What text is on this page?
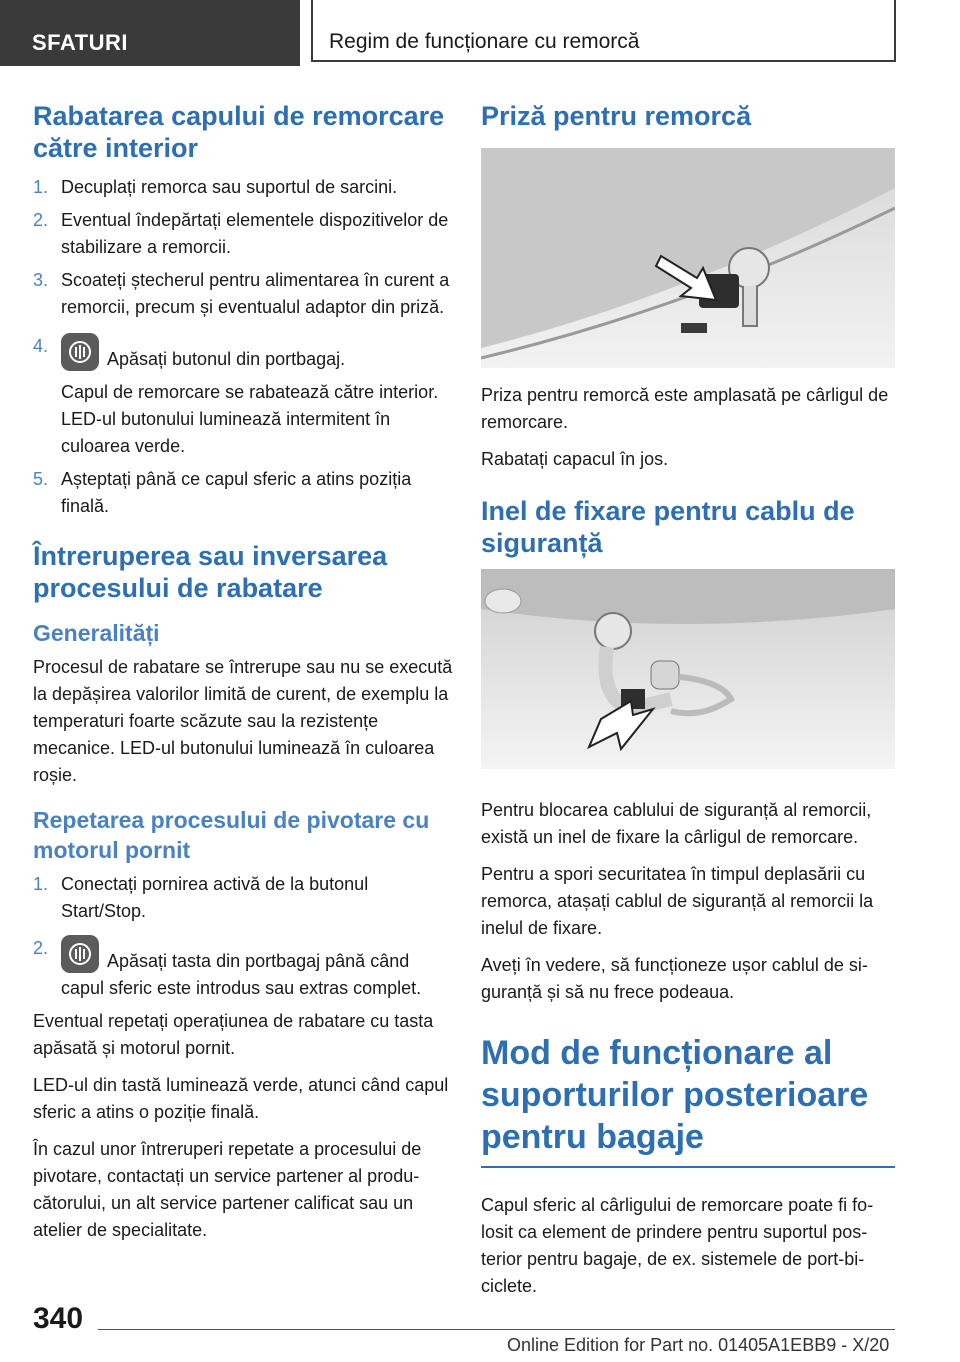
SFATURI	Regim de funcționare cu remorcă
Rabatarea capului de remorcare către interior
1. Decuplați remorca sau suportul de sarcini.
2. Eventual îndepărtați elementele dispozitivelor de stabilizare a remorcii.
3. Scoateți ștecherul pentru alimentarea în curent a remorcii, precum și eventualul adaptor din priză.
4.
Apăsați butonul din portbagaj.
Capul de remorcare se rabatează către interior. LED-ul butonului luminează intermitent în culoarea verde.
5. Așteptați până ce capul sferic a atins poziția finală.
Întreruperea sau inversarea procesului de rabatare
Generalități

Procesul de rabatare se întrerupe sau nu se execută la depășirea valorilor limită de curent, de exemplu la temperaturi foarte scăzute sau la rezistențe mecanice. LED-ul butonului luminează în culoarea roșie.

Repetarea procesului de pivotare cu motorul pornit
1. Conectați pornirea activă de la butonul Start/Stop.
2.
Apăsați tasta din portbagaj până când capul sferic este introdus sau extras complet.

Eventual repetați operațiunea de rabatare cu tasta apăsată și motorul pornit.

LED-ul din tastă luminează verde, atunci când capul sferic a atins o poziție finală.

În cazul unor întreruperi repetate a procesului de pivotare, contactați un service partener al producătorului, un alt service partener calificat sau un atelier de specialitate.

Priză pentru remorcă

Priza pentru remorcă este amplasată pe cârligul de remorcare.

Rabatați capacul în jos.

Inel de fixare pentru cablu de siguranță

Pentru blocarea cablului de siguranță al remorcii, există un inel de fixare la cârligul de remorcare.

Pentru a spori securitatea în timpul deplasării cu remorca, atașați cablul de siguranță al remorcii la inelul de fixare.

Aveți în vedere, să funcționeze ușor cablul de siguranță și să nu frece podeaua.

Mod de funcționare al suporturilor posterioare pentru bagaje

Capul sferic al cârligului de remorcare poate fi folosit ca element de prindere pentru suportul posterior pentru bagaje, de ex. sistemele de port-biciclete.

340
Online Edition for Part no. 01405A1EBB9 - X/20
